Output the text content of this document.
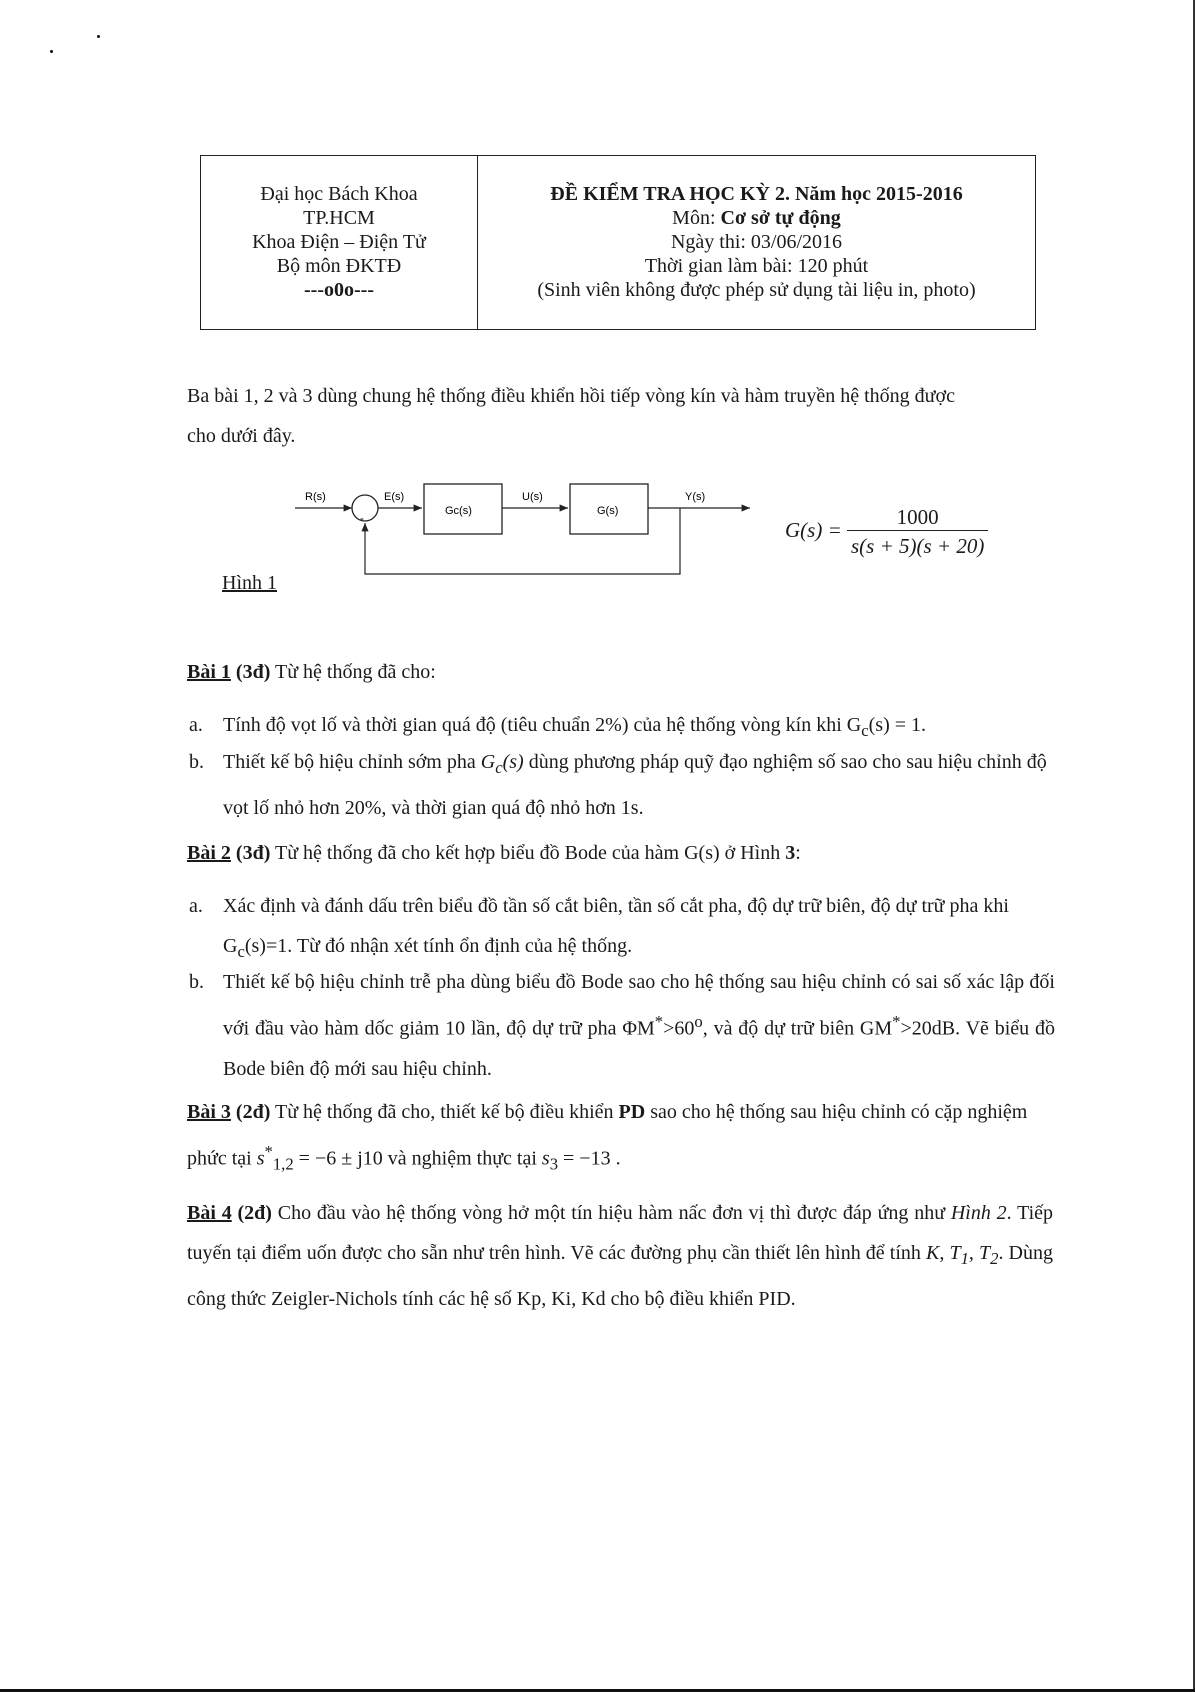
Đại học Bách Khoa
TP.HCM
Khoa Điện – Điện Tử
Bộ môn ĐKTĐ
---o0o---
ĐỀ KIỂM TRA HỌC KỲ 2. Năm học 2015-2016
Môn: Cơ sở tự động
Ngày thi: 03/06/2016
Thời gian làm bài: 120 phút
(Sinh viên không được phép sử dụng tài liệu in, photo)
Ba bài 1, 2 và 3 dùng chung hệ thống điều khiển hồi tiếp vòng kín và hàm truyền hệ thống được
cho dưới đây.
R(s)
-
E(s)
Gc(s)
U(s)
G(s)
Y(s)
Hình 1
$G(s) = \frac{1000}{s(s + 5)(s + 20)}$
Bài 1 (3đ) Từ hệ thống đã cho:
a. Tính độ vọt lố và thời gian quá độ (tiêu chuẩn 2%) của hệ thống vòng kín khi $G_c(s) = 1$.
b. Thiết kế bộ hiệu chỉnh sớm pha $G_c(s)$ dùng phương pháp quỹ đạo nghiệm số sao cho sau hiệu chỉnh độ vọt lố nhỏ hơn 20%, và thời gian quá độ nhỏ hơn 1s.
Bài 2 (3đ) Từ hệ thống đã cho kết hợp biểu đồ Bode của hàm G(s) ở Hình 3:
a. Xác định và đánh dấu trên biểu đồ tần số cắt biên, tần số cắt pha, độ dự trữ biên, độ dự trữ pha khi $G_c(s)=1$. Từ đó nhận xét tính ổn định của hệ thống.
b. Thiết kế bộ hiệu chỉnh trễ pha dùng biểu đồ Bode sao cho hệ thống sau hiệu chỉnh có sai số xác lập đối với đầu vào hàm dốc giảm 10 lần, độ dự trữ pha $\Phi M^*>60^o$, và độ dự trữ biên GM*>20dB. Vẽ biểu đồ Bode biên độ mới sau hiệu chỉnh.
Bài 3 (2đ) Từ hệ thống đã cho, thiết kế bộ điều khiển PD sao cho hệ thống sau hiệu chỉnh có cặp nghiệm phức tại $s^*_{1,2} = -6 \pm j10$ và nghiệm thực tại $s_3 = -13$ .
Bài 4 (2đ) Cho đầu vào hệ thống vòng hở một tín hiệu hàm nấc đơn vị thì được đáp ứng như Hình 2. Tiếp tuyến tại điểm uốn được cho sẵn như trên hình. Vẽ các đường phụ cần thiết lên hình để tính K, $T_1$, $T_2$. Dùng công thức Zeigler-Nichols tính các hệ số Kp, Ki, Kd cho bộ điều khiển PID.
